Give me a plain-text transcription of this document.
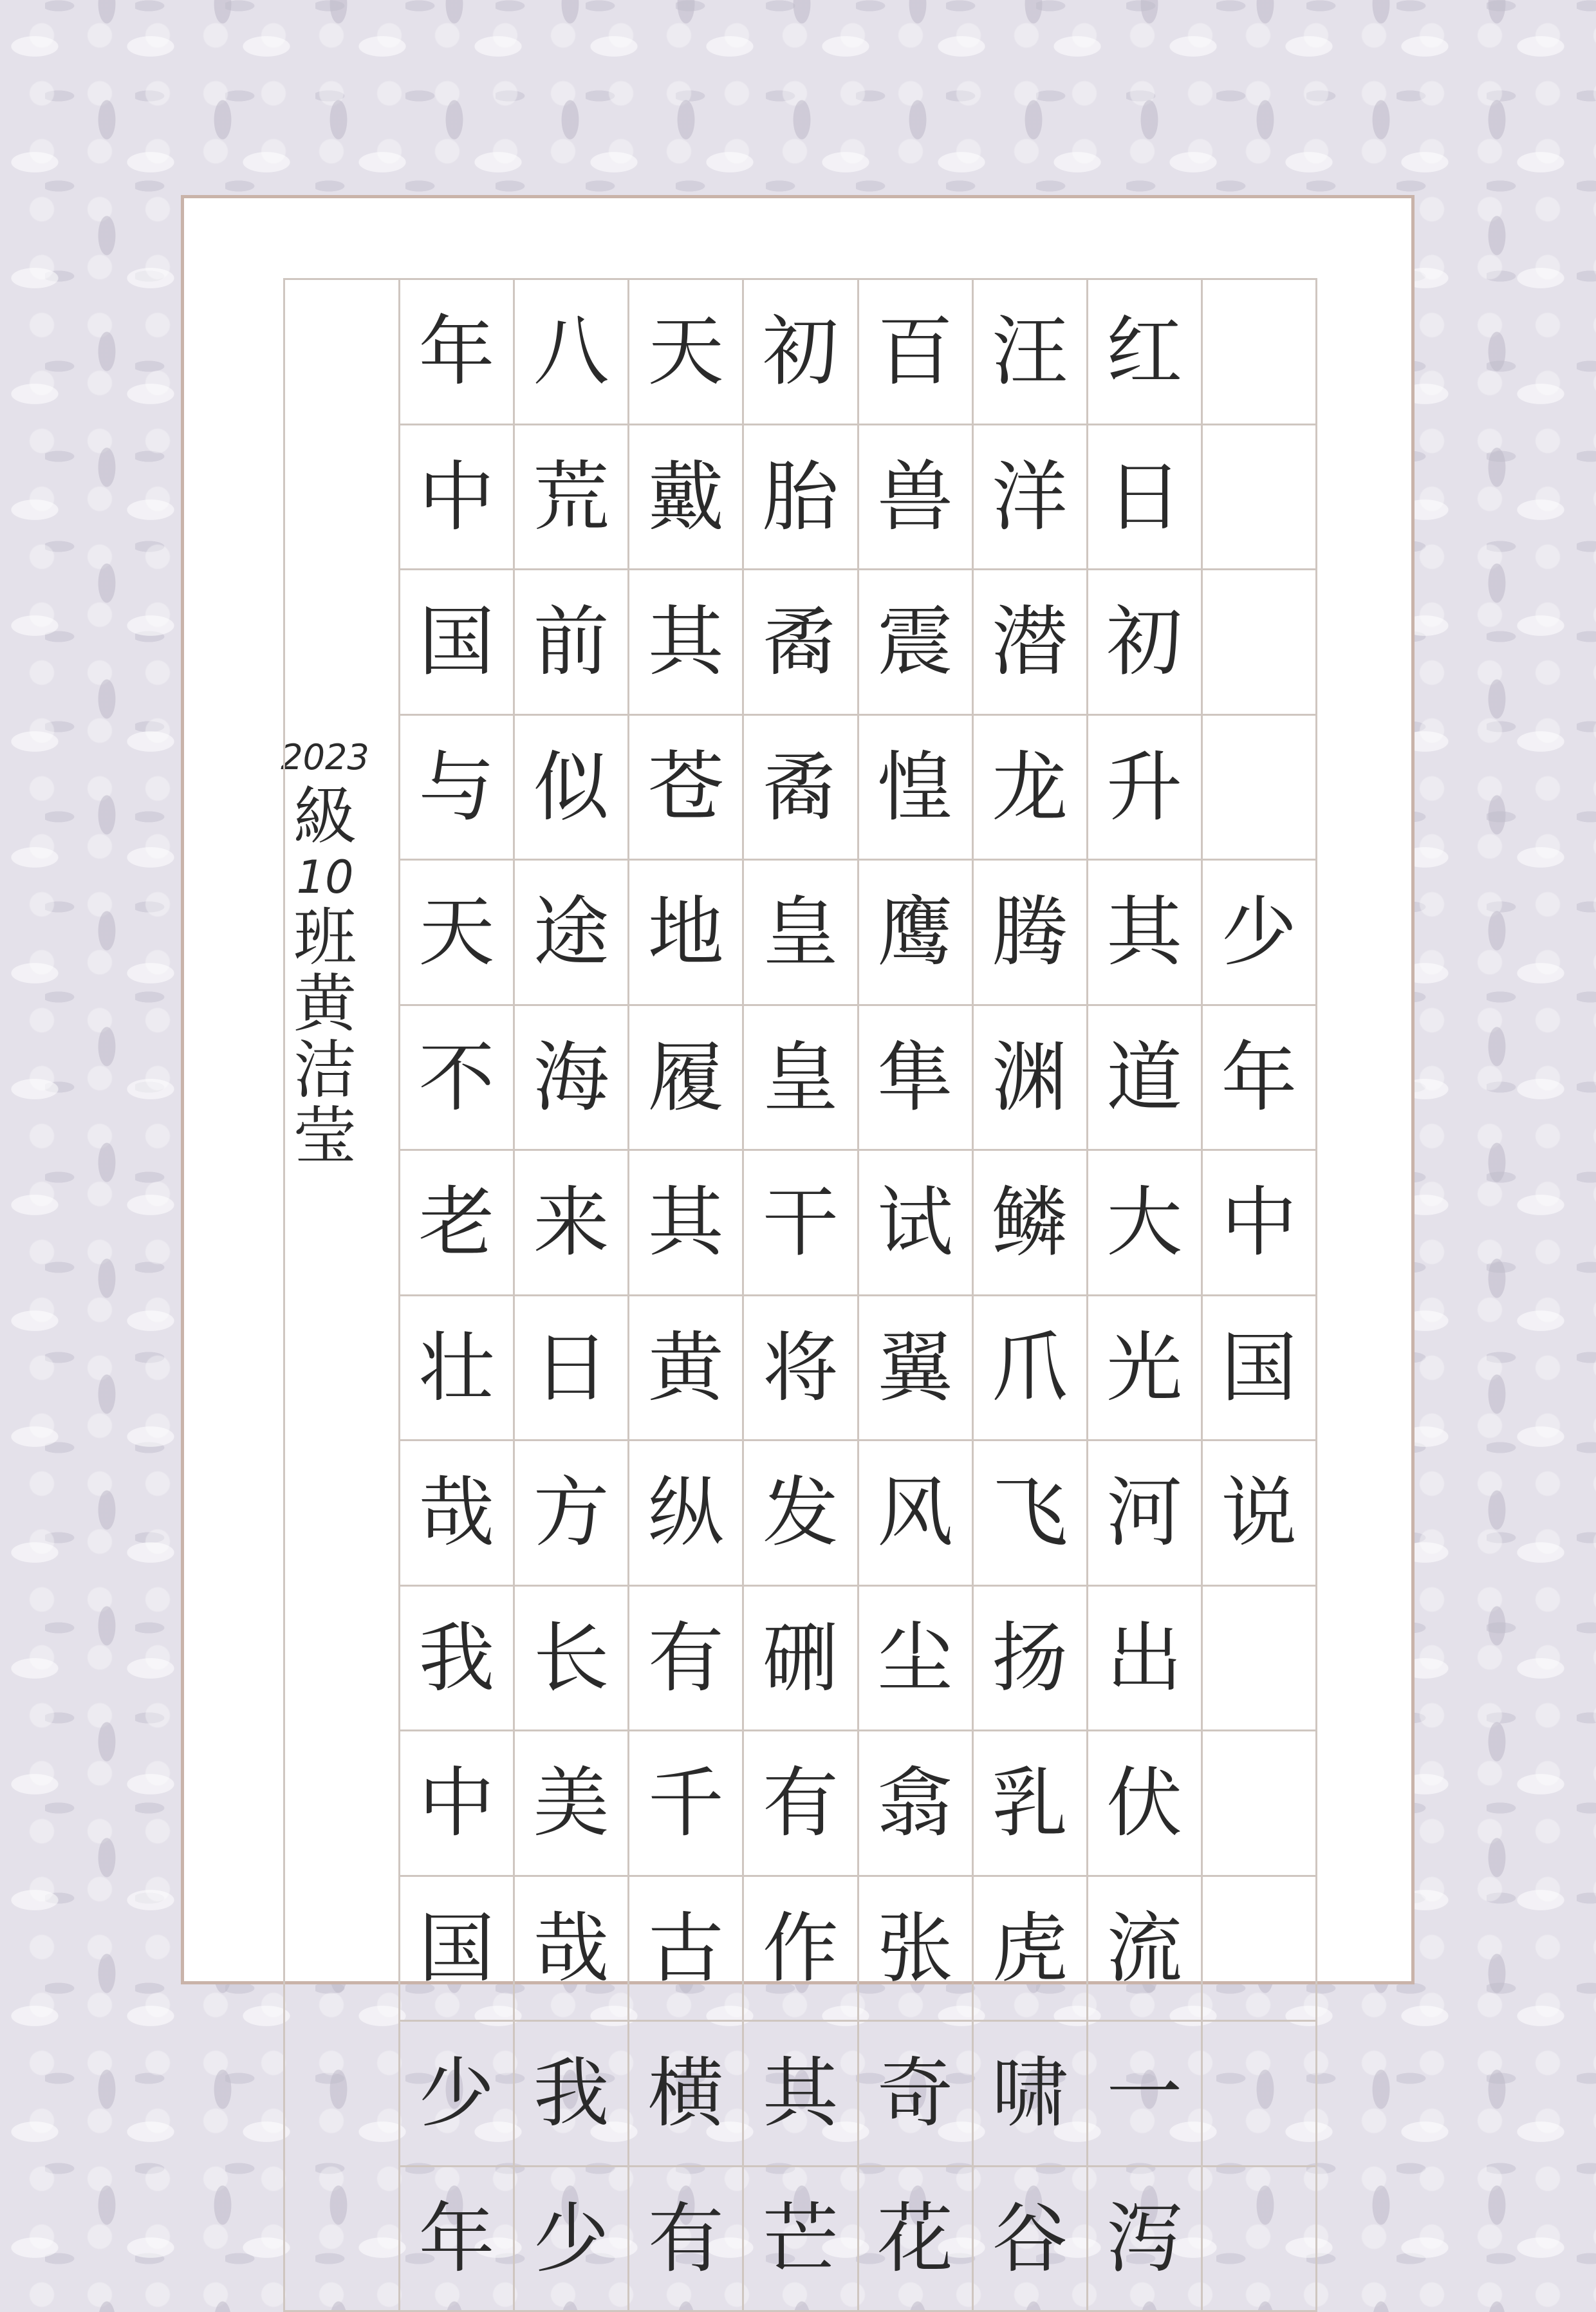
2023
級
10
班
黄
洁
莹
年
中
国
与
天
不
老
壮
哉
我
中
国
少
年
八
荒
前
似
途
海
来
日
方
长
美
哉
我
少
天
戴
其
苍
地
履
其
黄
纵
有
千
古
横
有
初
胎
矞
矞
皇
皇
干
将
发
硎
有
作
其
芒
百
兽
震
惶
鹰
隼
试
翼
风
尘
翕
张
奇
花
汪
洋
潜
龙
腾
渊
鳞
爪
飞
扬
乳
虎
啸
谷
红
日
初
升
其
道
大
光
河
出
伏
流
一
泻
少
年
中
国
说
